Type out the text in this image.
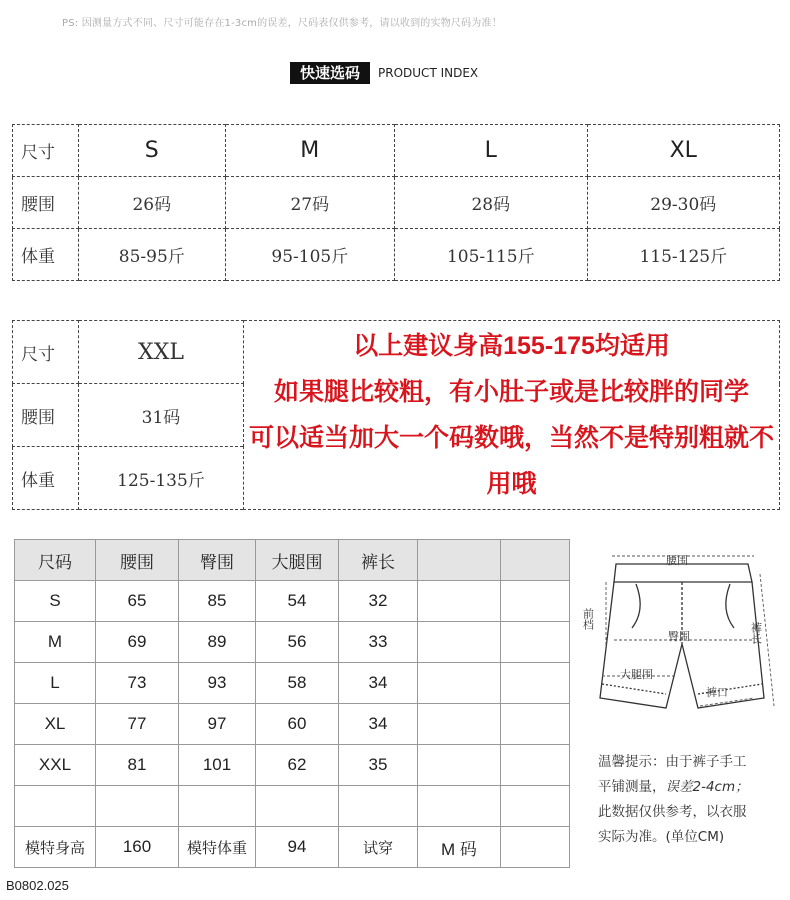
PS: 因测量方式不同、尺寸可能存在1-3cm的误差，尺码表仅供参考，请以收到的实物尺码为准！
快速选码	PRODUCT INDEX
尺寸	S	M	L	XL
腰围	26码	27码	28码	29-30码
体重	85-95斤	95-105斤	105-115斤	115-125斤
尺寸	XXL	以上建议身高155-175均适用
如果腿比较粗，有小肚子或是比较胖的同学
可以适当加大一个码数哦，当然不是特别粗就不用哦

腰围	31码	
体重	125-135斤	
尺码	腰围	臀围	大腿围	裤长		
S	65	85	54	32		
M	69	89	56	33		
L	73	93	58	34		
XL	77	97	60	34		
XXL	81	101	62	35		

模特身高	160	模特体重	94	试穿	M 码	
腰围
前档
臀围	裤长
大腿围
裤口
温馨提示：由于裤子手工
平铺测量，误差2-4cm；
此数据仅供参考，以衣服
实际为准。(单位CM)
B0802.025
